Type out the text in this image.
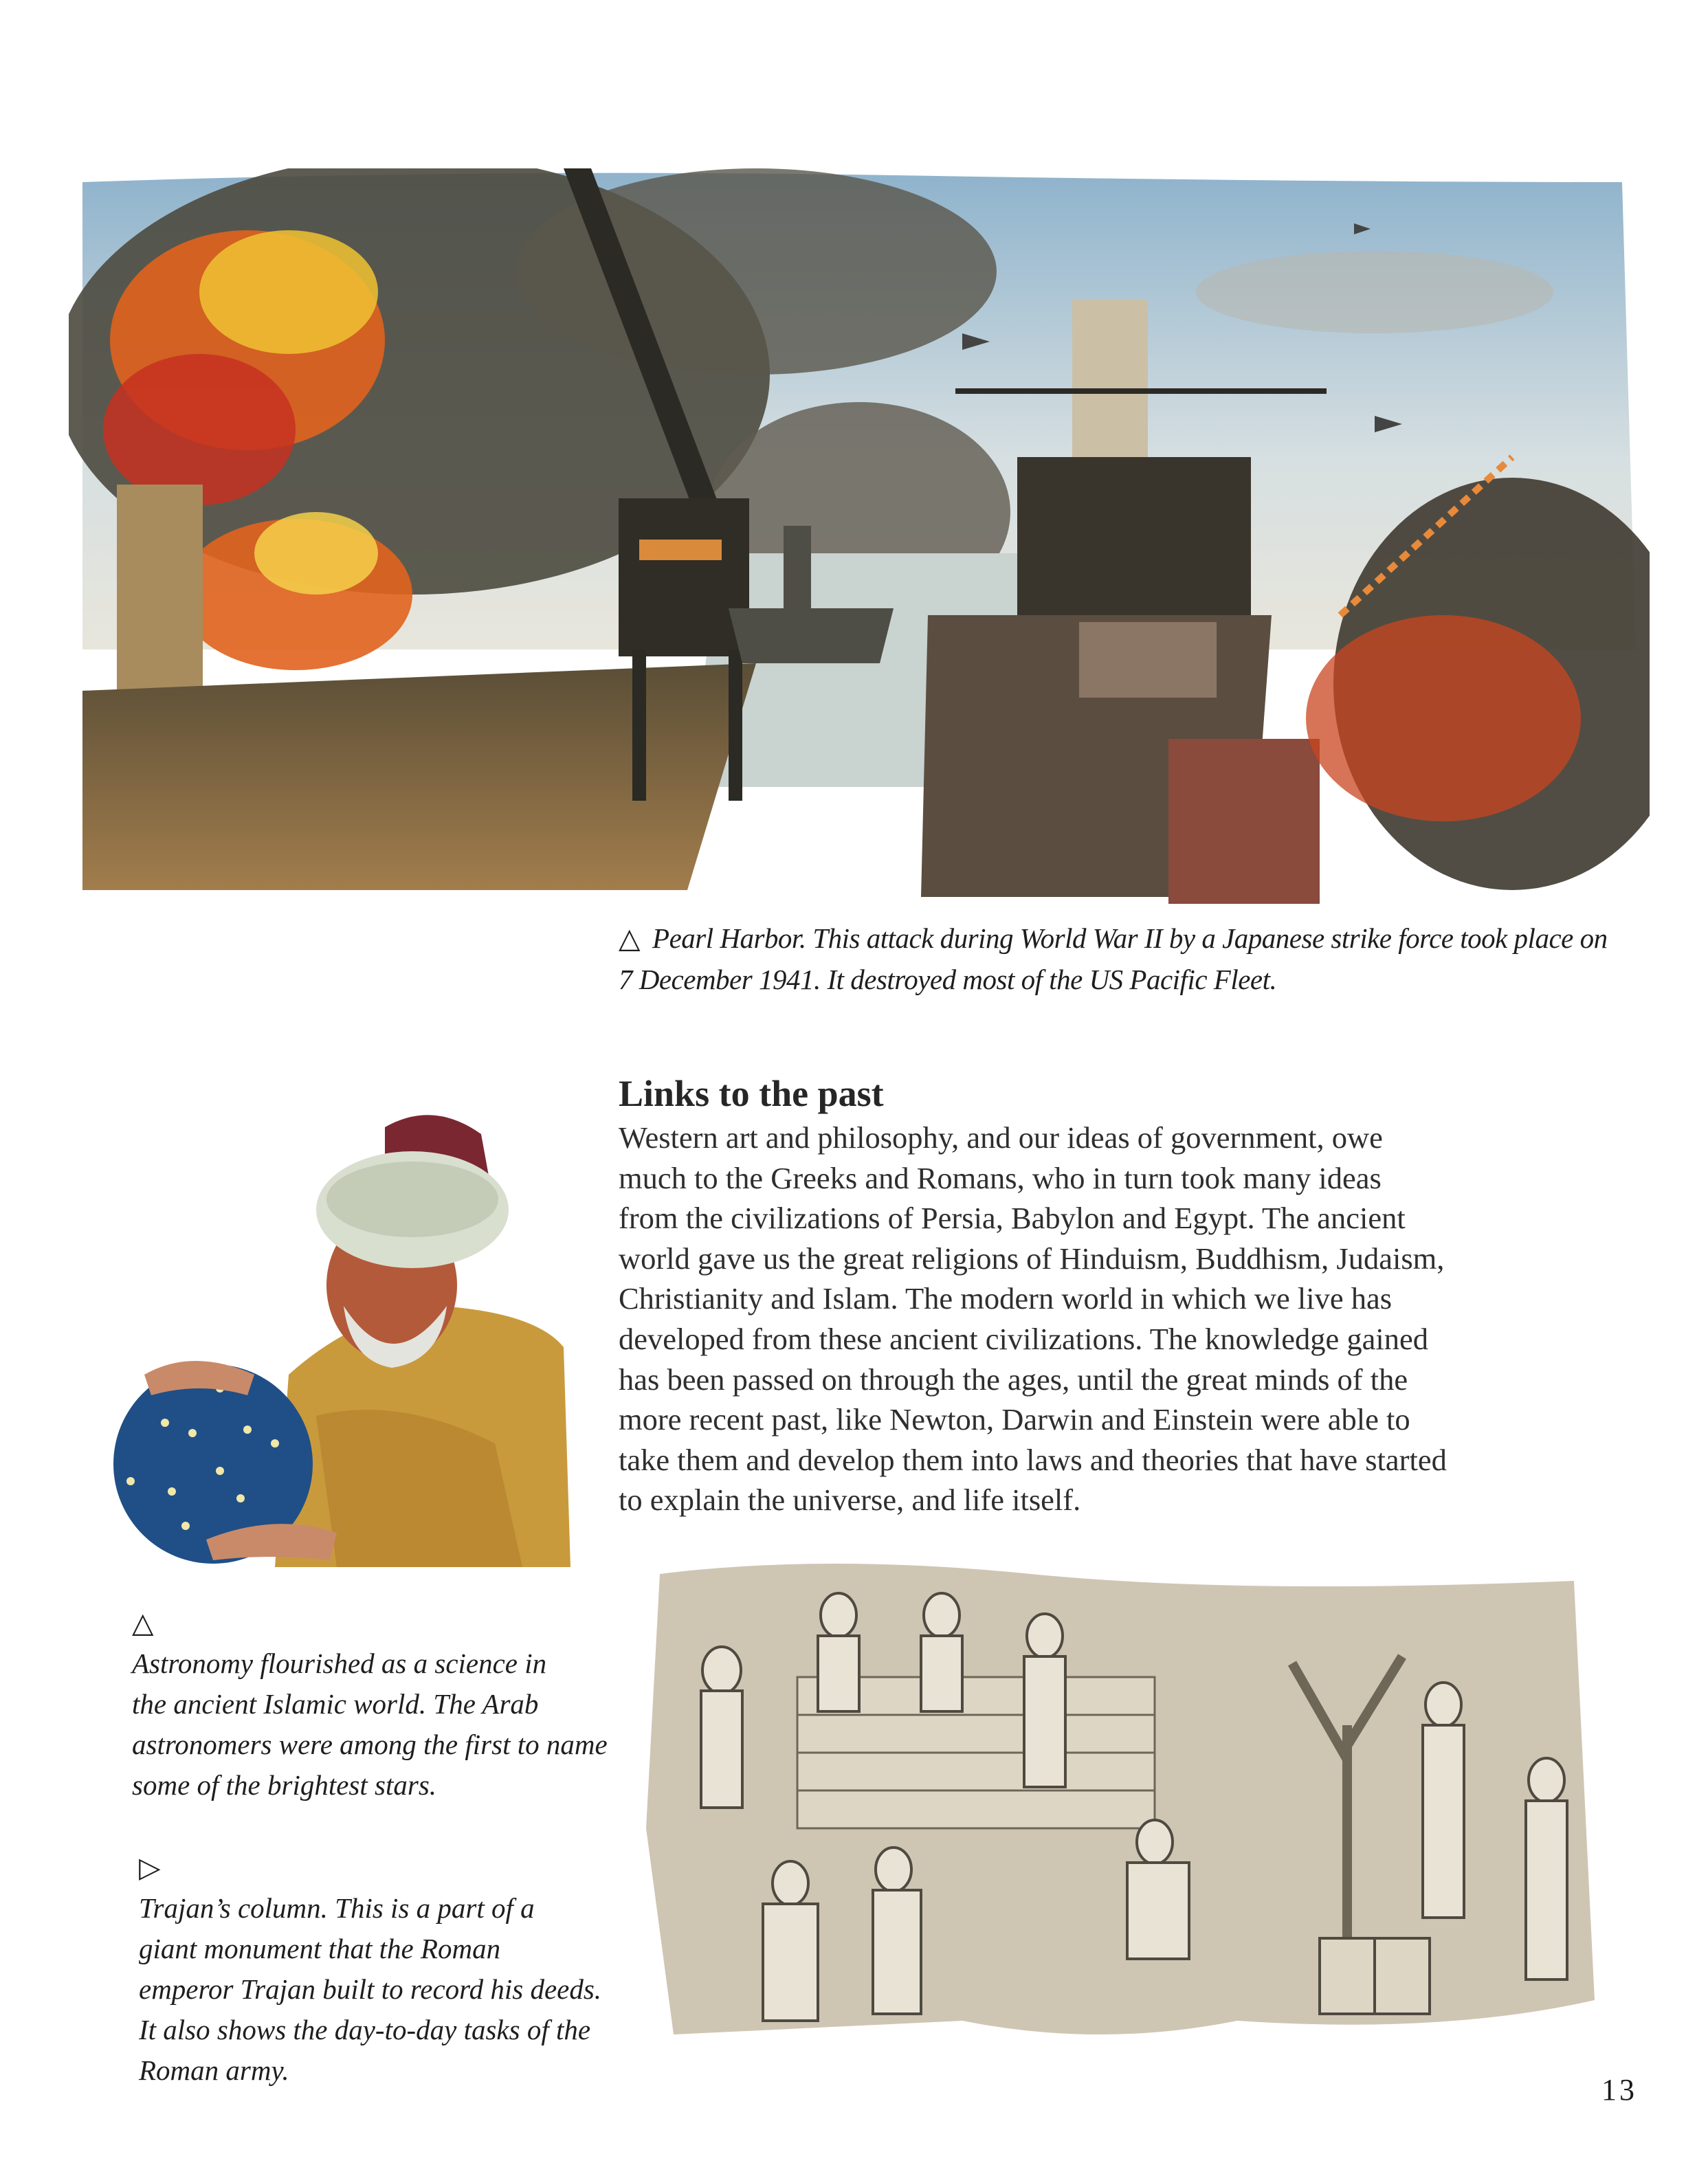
△ Pearl Harbor. This attack during World War II by a Japanese strike force took place on
7 December 1941. It destroyed most of the US Pacific Fleet.
Links to the past
Western art and philosophy, and our ideas of government, owe
much to the Greeks and Romans, who in turn took many ideas
from the civilizations of Persia, Babylon and Egypt. The ancient
world gave us the great religions of Hinduism, Buddhism, Judaism,
Christianity and Islam. The modern world in which we live has
developed from these ancient civilizations. The knowledge gained
has been passed on through the ages, until the great minds of the
more recent past, like Newton, Darwin and Einstein were able to
take them and develop them into laws and theories that have started
to explain the universe, and life itself.
△
Astronomy flourished as a science in
the ancient Islamic world. The Arab
astronomers were among the first to name
some of the brightest stars.
▷
Trajan’s column. This is a part of a
giant monument that the Roman
emperor Trajan built to record his deeds.
It also shows the day-to-day tasks of the
Roman army.
13
